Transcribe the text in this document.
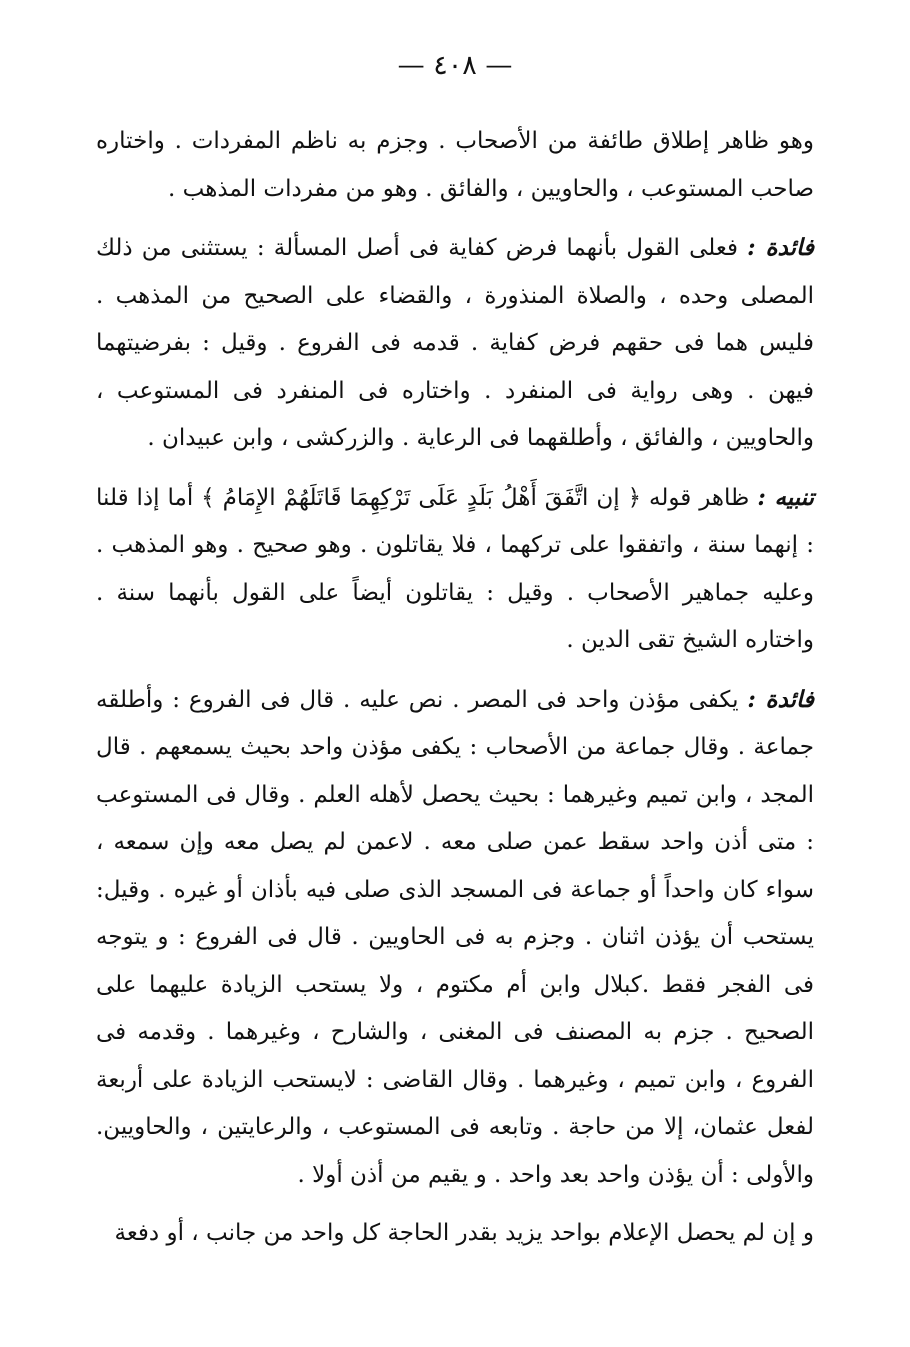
— ٤٠٨ —

وهو ظاهر إطلاق طائفة من الأصحاب . وجزم به ناظم المفردات . واختاره صاحب المستوعب ، والحاويين ، والفائق . وهو من مفردات المذهب .

فائدة : فعلى القول بأنهما فرض كفاية فى أصل المسألة : يستثنى من ذلك المصلى وحده ، والصلاة المنذورة ، والقضاء على الصحيح من المذهب . فليس هما فى حقهم فرض كفاية . قدمه فى الفروع . وقيل : بفرضيتهما فيهن . وهى رواية فى المنفرد . واختاره فى المنفرد فى المستوعب ، والحاويين ، والفائق ، وأطلقهما فى الرعاية . والزركشى ، وابن عبيدان .

تنبيه : ظاهر قوله ﴿ إن اتَّفَقَ أَهْلُ بَلَدٍ عَلَى تَرْكِهِمَا قَاتَلَهُمْ الإِمَامُ ﴾ أما إذا قلنا : إنهما سنة ، واتفقوا على تركهما ، فلا يقاتلون . وهو صحيح . وهو المذهب . وعليه جماهير الأصحاب . وقيل : يقاتلون أيضاً على القول بأنهما سنة . واختاره الشيخ تقى الدين .

فائدة : يكفى مؤذن واحد فى المصر . نص عليه . قال فى الفروع : وأطلقه جماعة . وقال جماعة من الأصحاب : يكفى مؤذن واحد بحيث يسمعهم . قال المجد ، وابن تميم وغيرهما : بحيث يحصل لأهله العلم . وقال فى المستوعب : متى أذن واحد سقط عمن صلى معه . لاعمن لم يصل معه وإن سمعه ، سواء كان واحداً أو جماعة فى المسجد الذى صلى فيه بأذان أو غيره . وقيل: يستحب أن يؤذن اثنان . وجزم به فى الحاويين . قال فى الفروع : و يتوجه فى الفجر فقط .كبلال وابن أم مكتوم ، ولا يستحب الزيادة عليهما على الصحيح . جزم به المصنف فى المغنى ، والشارح ، وغيرهما . وقدمه فى الفروع ، وابن تميم ، وغيرهما . وقال القاضى : لايستحب الزيادة على أربعة لفعل عثمان، إلا من حاجة . وتابعه فى المستوعب ، والرعايتين ، والحاويين. والأولى : أن يؤذن واحد بعد واحد . و يقيم من أذن أولا .

و إن لم يحصل الإعلام بواحد يزيد بقدر الحاجة كل واحد من جانب ، أو دفعة
